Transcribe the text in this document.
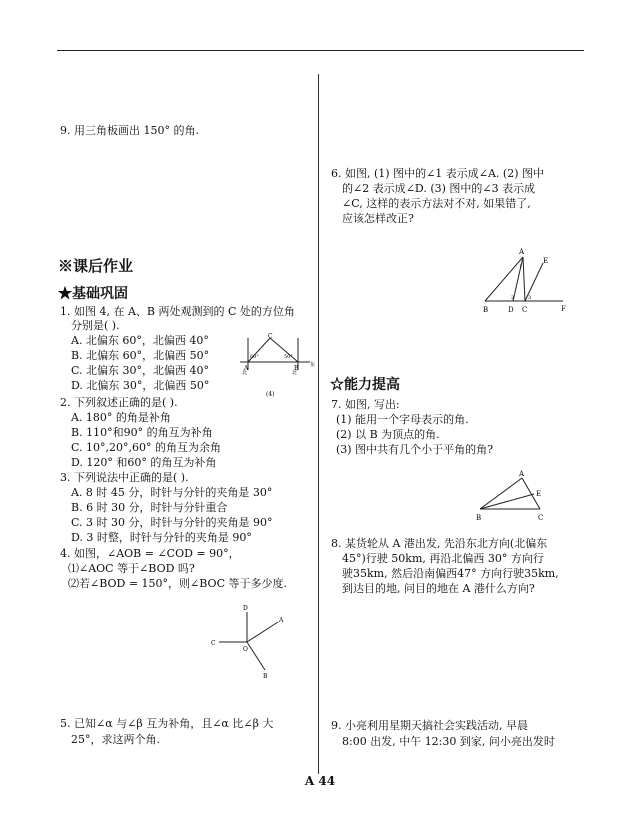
9. 用三角板画出 150° 的角.
※课后作业
★基础巩固
1. 如图 4, 在 A、B 两处观测到的 C 处的方位角
分别是( ).
A. 北偏东 60°，北偏西 40°
B. 北偏东 60°，北偏西 50°
C. 北偏东 30°，北偏西 40°
D. 北偏东 30°，北偏西 50°
C
60°	50°
A	B
北	北
东
(4)
2. 下列叙述正确的是( ).
A. 180° 的角是补角
B. 110°和90° 的角互为补角
C. 10°,20°,60° 的角互为余角
D. 120° 和60° 的角互为补角
3. 下列说法中正确的是( ).
A. 8 时 45 分，时针与分针的夹角是 30°
B. 6 时 30 分，时针与分针重合
C. 3 时 30 分，时针与分针的夹角是 90°
D. 3 时整，时针与分针的夹角是 90°
4. 如图，∠AOB = ∠COD = 90°，
⑴∠AOC 等于∠BOD 吗?
⑵若∠BOD = 150°，则∠BOC 等于多少度.
D
A
C
O
B
5. 已知∠α 与∠β 互为补角，且∠α 比∠β 大
25°，求这两个角.
6. 如图, (1) 图中的∠1 表示成∠A. (2) 图中
的∠2 表示成∠D. (3) 图中的∠3 表示成
∠C, 这样的表示方法对不对, 如果错了,
应该怎样改正?
A
E
B	D C	F
1
2	3
☆能力提高
7. 如图, 写出:
(1) 能用一个字母表示的角.
(2) 以 B 为顶点的角.
(3) 图中共有几个小于平角的角?
A
E
B	C
8. 某货轮从 A 港出发, 先沿东北方向(北偏东
45°)行驶 50km, 再沿北偏西 30° 方向行
驶35km, 然后沿南偏西47° 方向行驶35km,
到达目的地, 问目的地在 A 港什么方向?
9. 小亮利用星期天搞社会实践活动, 早晨
8:00 出发, 中午 12:30 到家, 问小亮出发时
A 44
